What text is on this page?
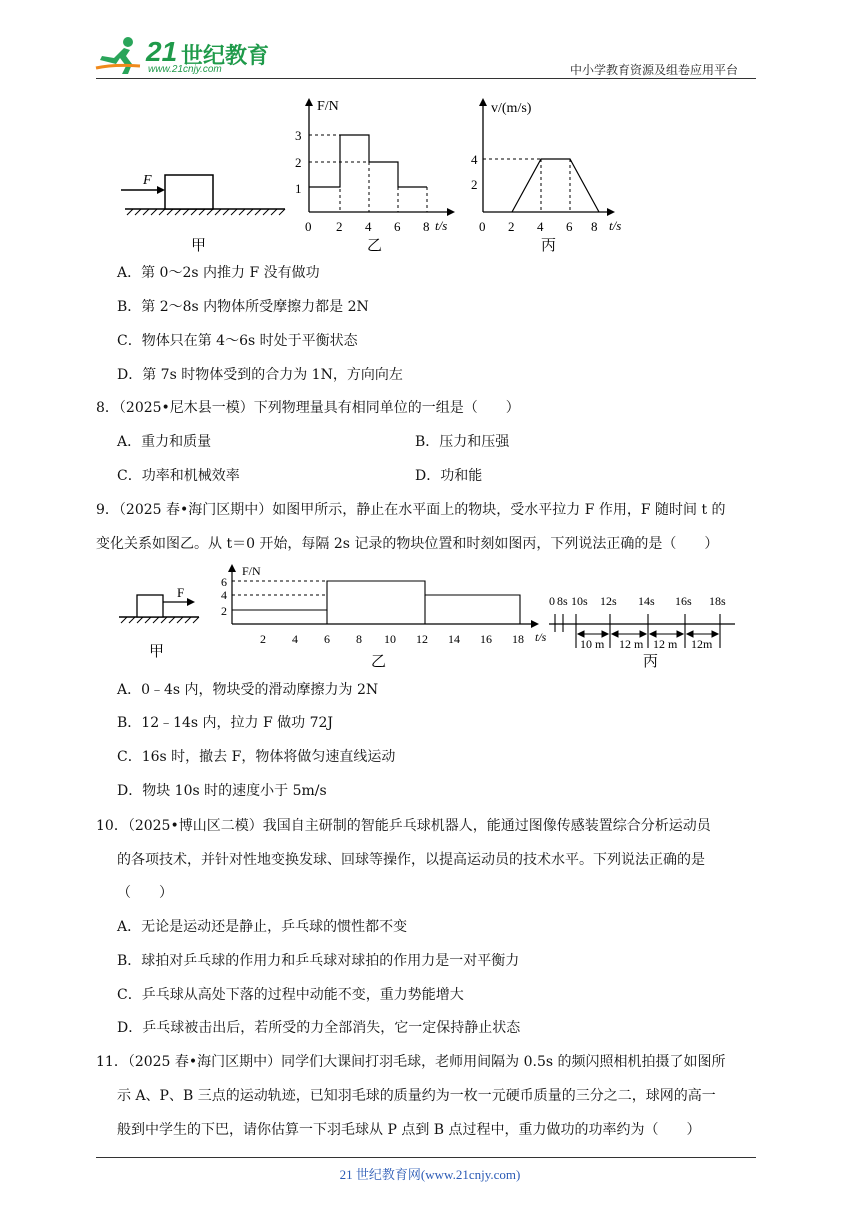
21 世纪教育
www.21cnjy.com	中小学教育资源及组卷应用平台
F
甲
F/N
t/s
3
2
1
0 2 4 6 8
乙
v/(m/s)
t/s
4
2
0 2 4 6 8
丙
A．第 0～2s 内推力 F 没有做功
B．第 2～8s 内物体所受摩擦力都是 2N
C．物体只在第 4～6s 时处于平衡状态
D．第 7s 时物体受到的合力为 1N，方向向左
8．（2025•尼木县一模）下列物理量具有相同单位的一组是（　　）
A．重力和质量	B．压力和压强
C．功率和机械效率	D．功和能
9．（2025 春•海门区期中）如图甲所示，静止在水平面上的物块，受水平拉力 F 作用，F 随时间 t 的
变化关系如图乙。从 t＝0 开始，每隔 2s 记录的物块位置和时刻如图丙，下列说法正确的是（　　）
F
甲
F/N
t/s
6
4
2
2 4 6 8 10 12 14 16 18
乙
0 8s 10s 12s 14s 16s 18s
10 m 12 m 12 m 12m
丙
A．0﹣4s 内，物块受的滑动摩擦力为 2N
B．12﹣14s 内，拉力 F 做功 72J
C．16s 时，撤去 F，物体将做匀速直线运动
D．物块 10s 时的速度小于 5m/s
10．（2025•博山区二模）我国自主研制的智能乒乓球机器人，能通过图像传感装置综合分析运动员
的各项技术，并针对性地变换发球、回球等操作，以提高运动员的技术水平。下列说法正确的是
（　　）
A．无论是运动还是静止，乒乓球的惯性都不变
B．球拍对乒乓球的作用力和乒乓球对球拍的作用力是一对平衡力
C．乒乓球从高处下落的过程中动能不变，重力势能增大
D．乒乓球被击出后，若所受的力全部消失，它一定保持静止状态
11．（2025 春•海门区期中）同学们大课间打羽毛球，老师用间隔为 0.5s 的频闪照相机拍摄了如图所
示 A、P、B 三点的运动轨迹，已知羽毛球的质量约为一枚一元硬币质量的三分之二，球网的高一
般到中学生的下巴，请你估算一下羽毛球从 P 点到 B 点过程中，重力做功的功率约为（　　）
21 世纪教育网(www.21cnjy.com)
